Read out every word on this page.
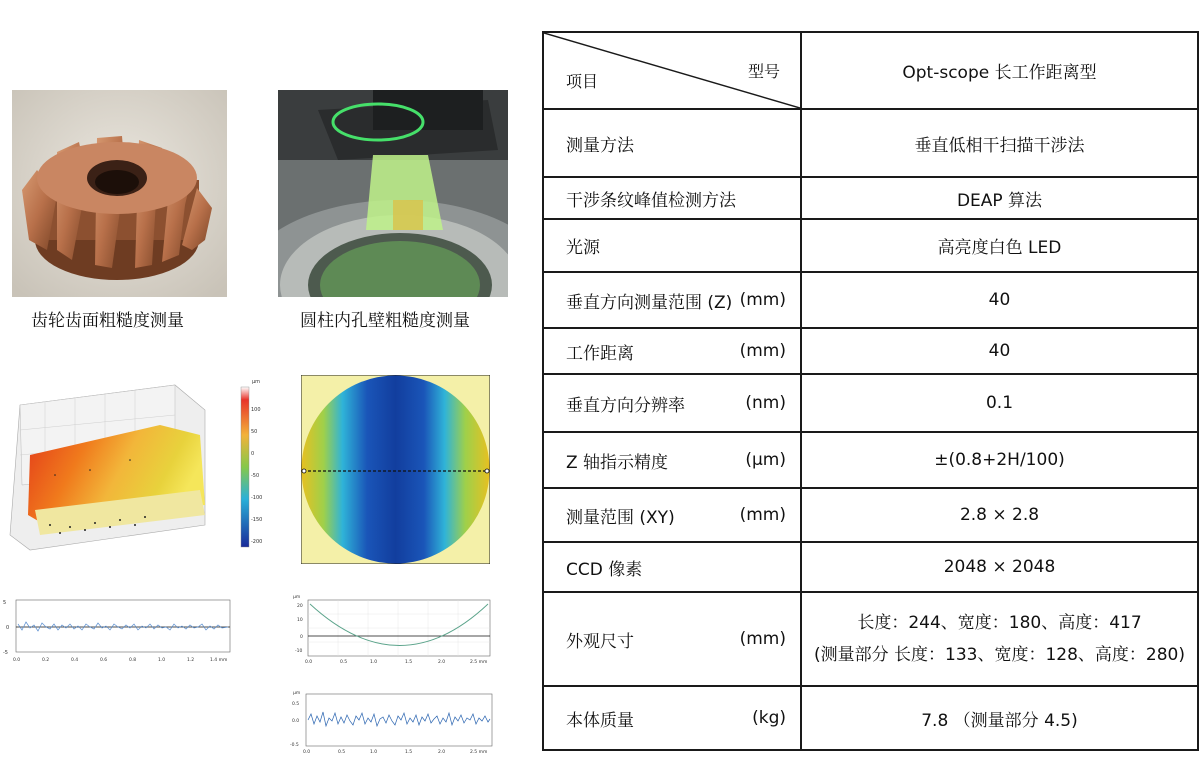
齿轮齿面粗糙度测量	圆柱内孔壁粗糙度测量
μm
100
50
0
-50
-100
-150
-200
5
0
-5
0.0	0.2	0.4	0.6	0.8	1.0	1.2	1.4 mm
μm
20
10
0
-10
0.0	0.5	1.0	1.5	2.0	2.5 mm
μm
0.5
0.0
-0.5
0.0	0.5	1.0	1.5	2.0	2.5 mm
型号
项目	Opt-scope 长工作距离型

测量方法	垂直低相干扫描干涉法

干涉条纹峰值检测方法	DEAP 算法

光源	高亮度白色 LED

垂直方向测量范围 (Z) (mm)	40

工作距离 (mm)	40

垂直方向分辨率 (nm)	0.1

Z 轴指示精度 (μm)	±(0.8+2H/100)

测量范围 (XY) (mm)	2.8 × 2.8

CCD 像素	2048 × 2048

外观尺寸 (mm)	长度：244、宽度：180、高度：417
(测量部分 长度：133、宽度：128、高度：280)

本体质量 (kg)	7.8 （测量部分 4.5)
